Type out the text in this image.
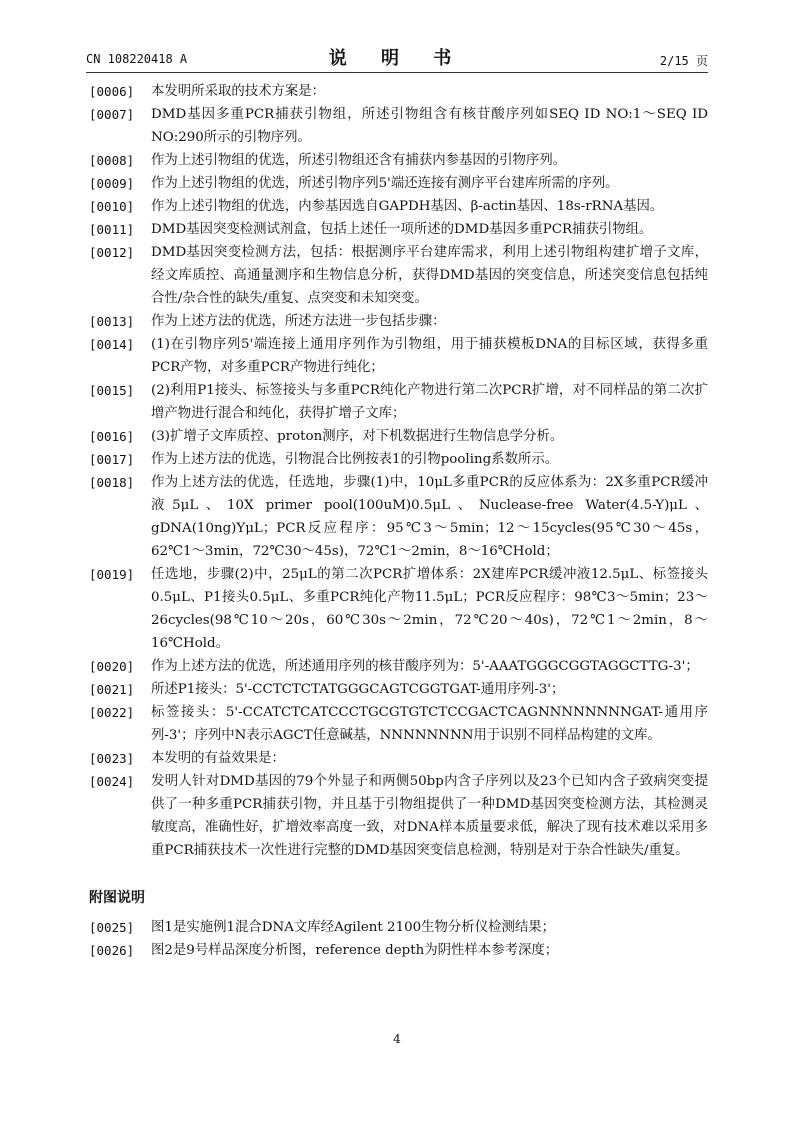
CN 108220418 A	说 明 书	2/15 页

[0006] 本发明所采取的技术方案是：

[0007] DMD基因多重PCR捕获引物组，所述引物组含有核苷酸序列如SEQ ID NO:1～SEQ ID NO:290所示的引物序列。

[0008] 作为上述引物组的优选，所述引物组还含有捕获内参基因的引物序列。

[0009] 作为上述引物组的优选，所述引物序列5'端还连接有测序平台建库所需的序列。

[0010] 作为上述引物组的优选，内参基因选自GAPDH基因、β-actin基因、18s-rRNA基因。

[0011] DMD基因突变检测试剂盒，包括上述任一项所述的DMD基因多重PCR捕获引物组。

[0012] DMD基因突变检测方法，包括：根据测序平台建库需求，利用上述引物组构建扩增子文库，经文库质控、高通量测序和生物信息分析，获得DMD基因的突变信息，所述突变信息包括纯合性/杂合性的缺失/重复、点突变和未知突变。

[0013] 作为上述方法的优选，所述方法进一步包括步骤：

[0014] (1)在引物序列5'端连接上通用序列作为引物组，用于捕获模板DNA的目标区域，获得多重PCR产物，对多重PCR产物进行纯化；

[0015] (2)利用P1接头、标签接头与多重PCR纯化产物进行第二次PCR扩增，对不同样品的第二次扩增产物进行混合和纯化，获得扩增子文库；

[0016] (3)扩增子文库质控、proton测序，对下机数据进行生物信息学分析。

[0017] 作为上述方法的优选，引物混合比例按表1的引物pooling系数所示。

[0018] 作为上述方法的优选，任选地，步骤(1)中，10μL多重PCR的反应体系为：2X多重PCR缓冲液5μL、10X primer pool(100uM)0.5μL、Nuclease-free Water(4.5-Y)μL、gDNA(10ng)YμL；PCR反应程序：95℃3～5min；12～15cycles(95℃30～45s，62℃1～3min，72℃30～45s)，72℃1～2min，8～16℃Hold；

[0019] 任选地，步骤(2)中，25μL的第二次PCR扩增体系：2X建库PCR缓冲液12.5μL、标签接头0.5μL、P1接头0.5μL、多重PCR纯化产物11.5μL；PCR反应程序：98℃3～5min；23～26cycles(98℃10～20s，60℃30s～2min，72℃20～40s)，72℃1～2min，8～16℃Hold。

[0020] 作为上述方法的优选，所述通用序列的核苷酸序列为：5'-AAATGGGCGGTAGGCTTG-3'；

[0021] 所述P1接头：5'-CCTCTCTATGGGCAGTCGGTGAT-通用序列-3'；

[0022] 标签接头：5'-CCATCTCATCCCTGCGTGTCTCCGACTCAGNNNNNNNNGAT-通用序列-3'；序列中N表示AGCT任意碱基，NNNNNNNN用于识别不同样品构建的文库。

[0023] 本发明的有益效果是：

[0024] 发明人针对DMD基因的79个外显子和两侧50bp内含子序列以及23个已知内含子致病突变提供了一种多重PCR捕获引物，并且基于引物组提供了一种DMD基因突变检测方法，其检测灵敏度高，准确性好，扩增效率高度一致，对DNA样本质量要求低，解决了现有技术难以采用多重PCR捕获技术一次性进行完整的DMD基因突变信息检测，特别是对于杂合性缺失/重复。

附图说明

[0025] 图1是实施例1混合DNA文库经Agilent 2100生物分析仪检测结果；

[0026] 图2是9号样品深度分析图，reference depth为阴性样本参考深度；

4
